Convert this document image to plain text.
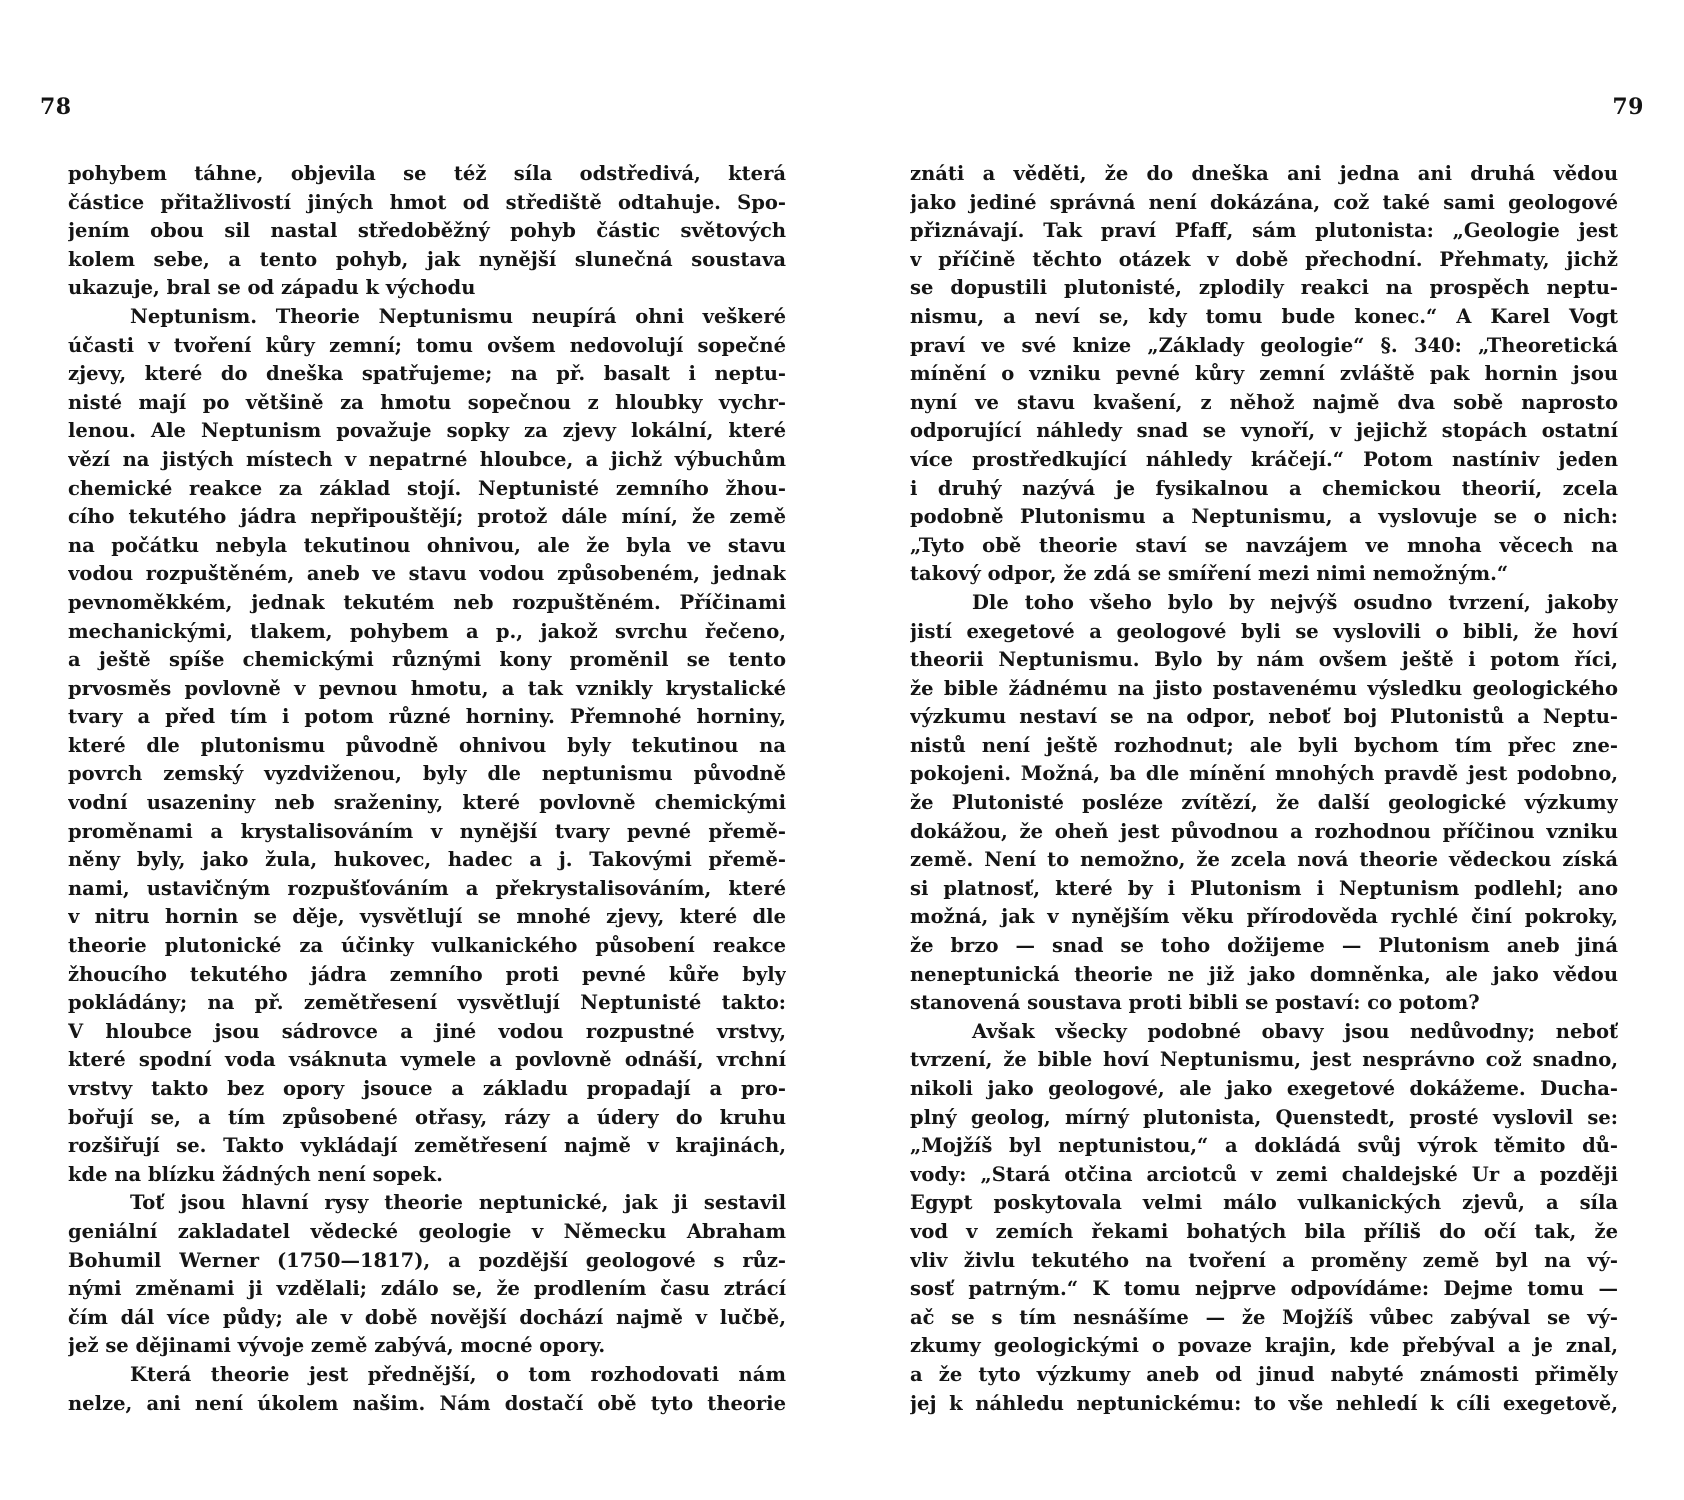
78
pohybem táhne, objevila se též síla odstředivá, která
částice přitažlivostí jiných hmot od střediště odtahuje. Spo-
jením obou sil nastal středoběžný pohyb částic světových
kolem sebe, a tento pohyb, jak nynější slunečná soustava
ukazuje, bral se od západu k východu
Neptunism. Theorie Neptunismu neupírá ohni veškeré
účasti v tvoření kůry zemní; tomu ovšem nedovolují sopečné
zjevy, které do dneška spatřujeme; na př. basalt i neptu-
nisté mají po většině za hmotu sopečnou z hloubky vychr-
lenou. Ale Neptunism považuje sopky za zjevy lokální, které
vězí na jistých místech v nepatrné hloubce, a jichž výbuchům
chemické reakce za základ stojí. Neptunisté zemního žhou-
cího tekutého jádra nepřipouštějí; protož dále míní, že země
na počátku nebyla tekutinou ohnivou, ale že byla ve stavu
vodou rozpuštěném, aneb ve stavu vodou způsobeném, jednak
pevnoměkkém, jednak tekutém neb rozpuštěném. Příčinami
mechanickými, tlakem, pohybem a p., jakož svrchu řečeno,
a ještě spíše chemickými různými kony proměnil se tento
prvosměs povlovně v pevnou hmotu, a tak vznikly krystalické
tvary a před tím i potom různé horniny. Přemnohé horniny,
které dle plutonismu původně ohnivou byly tekutinou na
povrch zemský vyzdviženou, byly dle neptunismu původně
vodní usazeniny neb sraženiny, které povlovně chemickými
proměnami a krystalisováním v nynější tvary pevné přemě-
něny byly, jako žula, hukovec, hadec a j. Takovými přemě-
nami, ustavičným rozpušťováním a překrystalisováním, které
v nitru hornin se děje, vysvětlují se mnohé zjevy, které dle
theorie plutonické za účinky vulkanického působení reakce
žhoucího tekutého jádra zemního proti pevné kůře byly
pokládány; na př. zemětřesení vysvětlují Neptunisté takto:
V hloubce jsou sádrovce a jiné vodou rozpustné vrstvy,
které spodní voda vsáknuta vymele a povlovně odnáší, vrchní
vrstvy takto bez opory jsouce a základu propadají a pro-
bořují se, a tím způsobené otřasy, rázy a údery do kruhu
rozšiřují se. Takto vykládají zemětřesení najmě v krajinách,
kde na blízku žádných není sopek.
Toť jsou hlavní rysy theorie neptunické, jak ji sestavil
geniální zakladatel vědecké geologie v Německu Abraham
Bohumil Werner (1750—1817), a pozdější geologové s růz-
nými změnami ji vzdělali; zdálo se, že prodlením času ztrácí
čím dál více půdy; ale v době novější dochází najmě v lučbě,
jež se dějinami vývoje země zabývá, mocné opory.
Která theorie jest přednější, o tom rozhodovati nám
nelze, ani není úkolem našim. Nám dostačí obě tyto theorie
79
znáti a věděti, že do dneška ani jedna ani druhá vědou
jako jediné správná není dokázána, což také sami geologové
přiznávají. Tak praví Pfaff, sám plutonista: „Geologie jest
v příčině těchto otázek v době přechodní. Přehmaty, jichž
se dopustili plutonisté, zplodily reakci na prospěch neptu-
nismu, a neví se, kdy tomu bude konec.“ A Karel Vogt
praví ve své knize „Základy geologie“ §. 340: „Theoretická
mínění o vzniku pevné kůry zemní zvláště pak hornin jsou
nyní ve stavu kvašení, z něhož najmě dva sobě naprosto
odporující náhledy snad se vynoří, v jejichž stopách ostatní
více prostředkující náhledy kráčejí.“ Potom nastíniv jeden
i druhý nazývá je fysikalnou a chemickou theorií, zcela
podobně Plutonismu a Neptunismu, a vyslovuje se o nich:
„Tyto obě theorie staví se navzájem ve mnoha věcech na
takový odpor, že zdá se smíření mezi nimi nemožným.“
Dle toho všeho bylo by nejvýš osudno tvrzení, jakoby
jistí exegetové a geologové byli se vyslovili o bibli, že hoví
theorii Neptunismu. Bylo by nám ovšem ještě i potom říci,
že bible žádnému na jisto postavenému výsledku geologického
výzkumu nestaví se na odpor, neboť boj Plutonistů a Neptu-
nistů není ještě rozhodnut; ale byli bychom tím přec zne-
pokojeni. Možná, ba dle mínění mnohých pravdě jest podobno,
že Plutonisté posléze zvítězí, že další geologické výzkumy
dokážou, že oheň jest původnou a rozhodnou příčinou vzniku
země. Není to nemožno, že zcela nová theorie vědeckou získá
si platnosť, které by i Plutonism i Neptunism podlehl; ano
možná, jak v nynějším věku přírodověda rychlé činí pokroky,
že brzo — snad se toho dožijeme — Plutonism aneb jiná
neneptunická theorie ne již jako domněnka, ale jako vědou
stanovená soustava proti bibli se postaví: co potom?
Avšak všecky podobné obavy jsou nedůvodny; neboť
tvrzení, že bible hoví Neptunismu, jest nesprávno což snadno,
nikoli jako geologové, ale jako exegetové dokážeme. Ducha-
plný geolog, mírný plutonista, Quenstedt, prosté vyslovil se:
„Mojžíš byl neptunistou,“ a dokládá svůj výrok těmito dů-
vody: „Stará otčina arciotců v zemi chaldejské Ur a později
Egypt poskytovala velmi málo vulkanických zjevů, a síla
vod v zemích řekami bohatých bila příliš do očí tak, že
vliv živlu tekutého na tvoření a proměny země byl na vý-
sosť patrným.“ K tomu nejprve odpovídáme: Dejme tomu —
ač se s tím nesnášíme — že Mojžíš vůbec zabýval se vý-
zkumy geologickými o povaze krajin, kde přebýval a je znal,
a že tyto výzkumy aneb od jinud nabyté známosti přiměly
jej k náhledu neptunickému: to vše nehledí k cíli exegetově,
